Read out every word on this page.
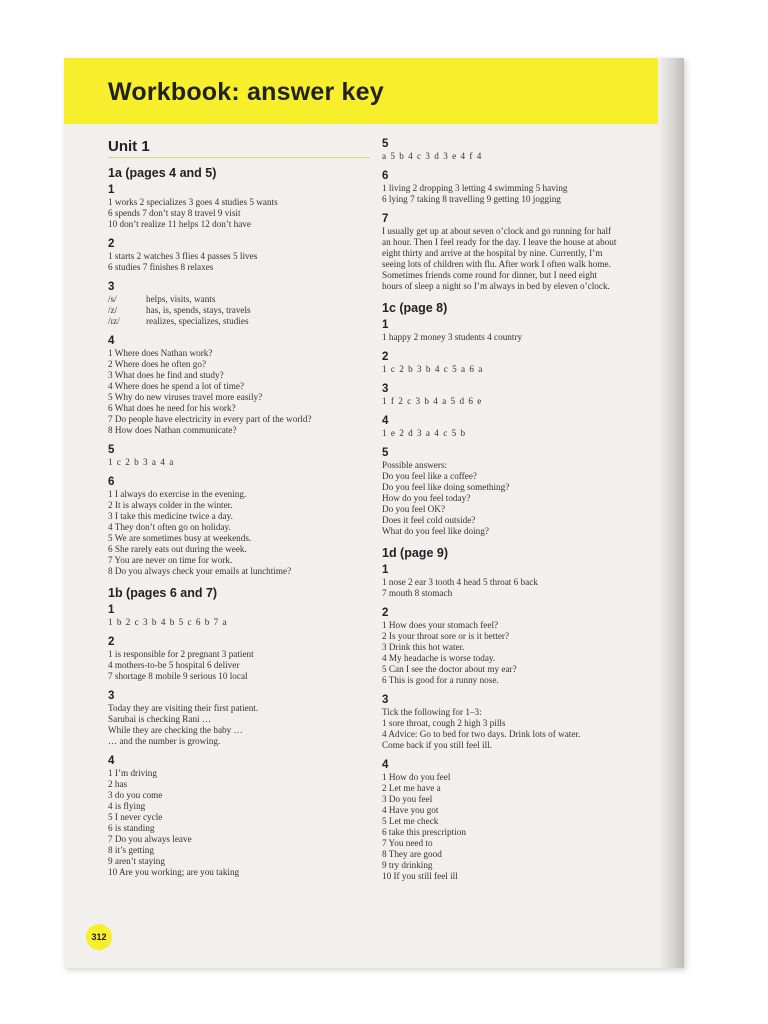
Workbook: answer key
Unit 1
1a (pages 4 and 5)
1
1 works 2 specializes 3 goes 4 studies 5 wants
6 spends 7 don’t stay 8 travel 9 visit
10 don’t realize 11 helps 12 don’t have
2
1 starts 2 watches 3 flies 4 passes 5 lives
6 studies 7 finishes 8 relaxes
3
/s/	helps, visits, wants
/z/	has, is, spends, stays, travels
/ɪz/	realizes, specializes, studies
4
1 Where does Nathan work?
2 Where does he often go?
3 What does he find and study?
4 Where does he spend a lot of time?
5 Why do new viruses travel more easily?
6 What does he need for his work?
7 Do people have electricity in every part of the world?
8 How does Nathan communicate?
5
1 c 2 b 3 a 4 a
6
1 I always do exercise in the evening.
2 It is always colder in the winter.
3 I take this medicine twice a day.
4 They don’t often go on holiday.
5 We are sometimes busy at weekends.
6 She rarely eats out during the week.
7 You are never on time for work.
8 Do you always check your emails at lunchtime?
1b (pages 6 and 7)
1
1 b 2 c 3 b 4 b 5 c 6 b 7 a
2
1 is responsible for 2 pregnant 3 patient
4 mothers-to-be 5 hospital 6 deliver
7 shortage 8 mobile 9 serious 10 local
3
Today they are visiting their first patient.
Sarubai is checking Rani …
While they are checking the baby …
… and the number is growing.
4
1 I’m driving
2 has
3 do you come
4 is flying
5 I never cycle
6 is standing
7 Do you always leave
8 it’s getting
9 aren’t staying
10 Are you working; are you taking
5
a 5 b 4 c 3 d 3 e 4 f 4
6
1 living 2 dropping 3 letting 4 swimming 5 having
6 lying 7 taking 8 travelling 9 getting 10 jogging
7
I usually get up at about seven o’clock and go running for half
an hour. Then I feel ready for the day. I leave the house at about
eight thirty and arrive at the hospital by nine. Currently, I’m
seeing lots of children with flu. After work I often walk home.
Sometimes friends come round for dinner, but I need eight
hours of sleep a night so I’m always in bed by eleven o’clock.
1c (page 8)
1
1 happy 2 money 3 students 4 country
2
1 c 2 b 3 b 4 c 5 a 6 a
3
1 f 2 c 3 b 4 a 5 d 6 e
4
1 e 2 d 3 a 4 c 5 b
5
Possible answers:
Do you feel like a coffee?
Do you feel like doing something?
How do you feel today?
Do you feel OK?
Does it feel cold outside?
What do you feel like doing?
1d (page 9)
1
1 nose 2 ear 3 tooth 4 head 5 throat 6 back
7 mouth 8 stomach
2
1 How does your stomach feel?
2 Is your throat sore or is it better?
3 Drink this hot water.
4 My headache is worse today.
5 Can I see the doctor about my ear?
6 This is good for a runny nose.
3
Tick the following for 1–3:
1 sore throat, cough 2 high 3 pills
4 Advice: Go to bed for two days. Drink lots of water.
Come back if you still feel ill.
4
1 How do you feel
2 Let me have a
3 Do you feel
4 Have you got
5 Let me check
6 take this prescription
7 You need to
8 They are good
9 try drinking
10 If you still feel ill
312
